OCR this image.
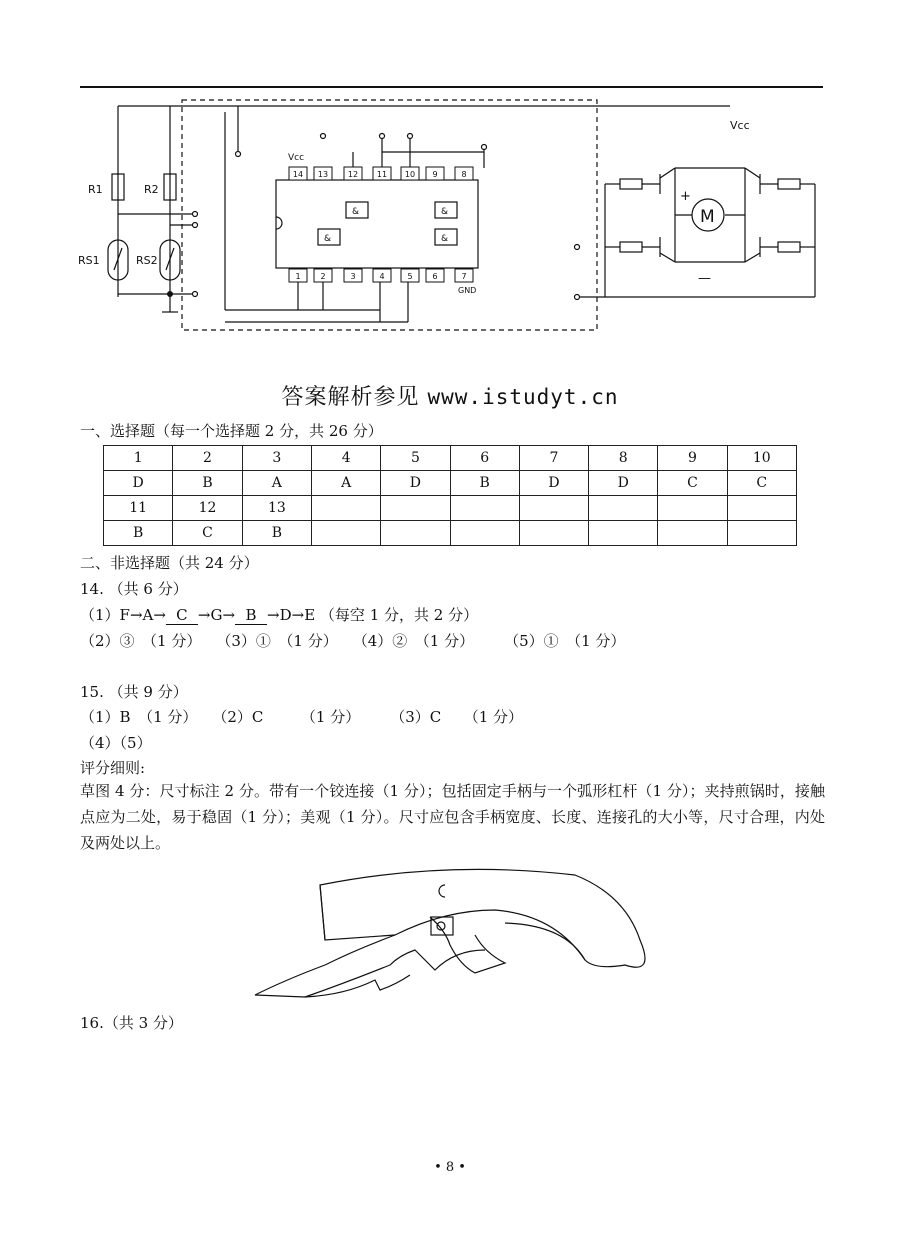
14 13 12 11 10 9	8
1 2	3	4	5 6	7
R1	R2
RS1	RS2
Vcc
GND
Vcc
M
+
—
&	&
&	&
答案解析参见 www.istudyt.cn
一、选择题（每一个选择题 2 分，共 26 分）
1	2	3	4	5	6	7	8	9	10
D	B	A	A	D	B	D	D	C	C
11	12	13							
B	C	B							
二、非选择题（共 24 分）
14. （共 6 分）
（1）F→A→ C →G→ B →D→E （每空 1 分，共 2 分）
（2）③　（1 分）　　（3）①　（1 分）　　（4）②　（1 分）　　　（5）①　（1 分）
15. （共 9 分）
（1）B　（1 分）　　（2）C　　　（1 分）　　　（3）C　　（1 分）
（4）（5）
评分细则:
草图 4 分：尺寸标注 2 分。带有一个铰连接（1 分）；包括固定手柄与一个弧形杠杆（1 分）；夹持煎锅时，接触点应为二处，易于稳固（1 分）；美观（1 分）。尺寸应包含手柄宽度、长度、连接孔的大小等，尺寸合理，内处及两处以上。
16.（共 3 分）
• 8 •
